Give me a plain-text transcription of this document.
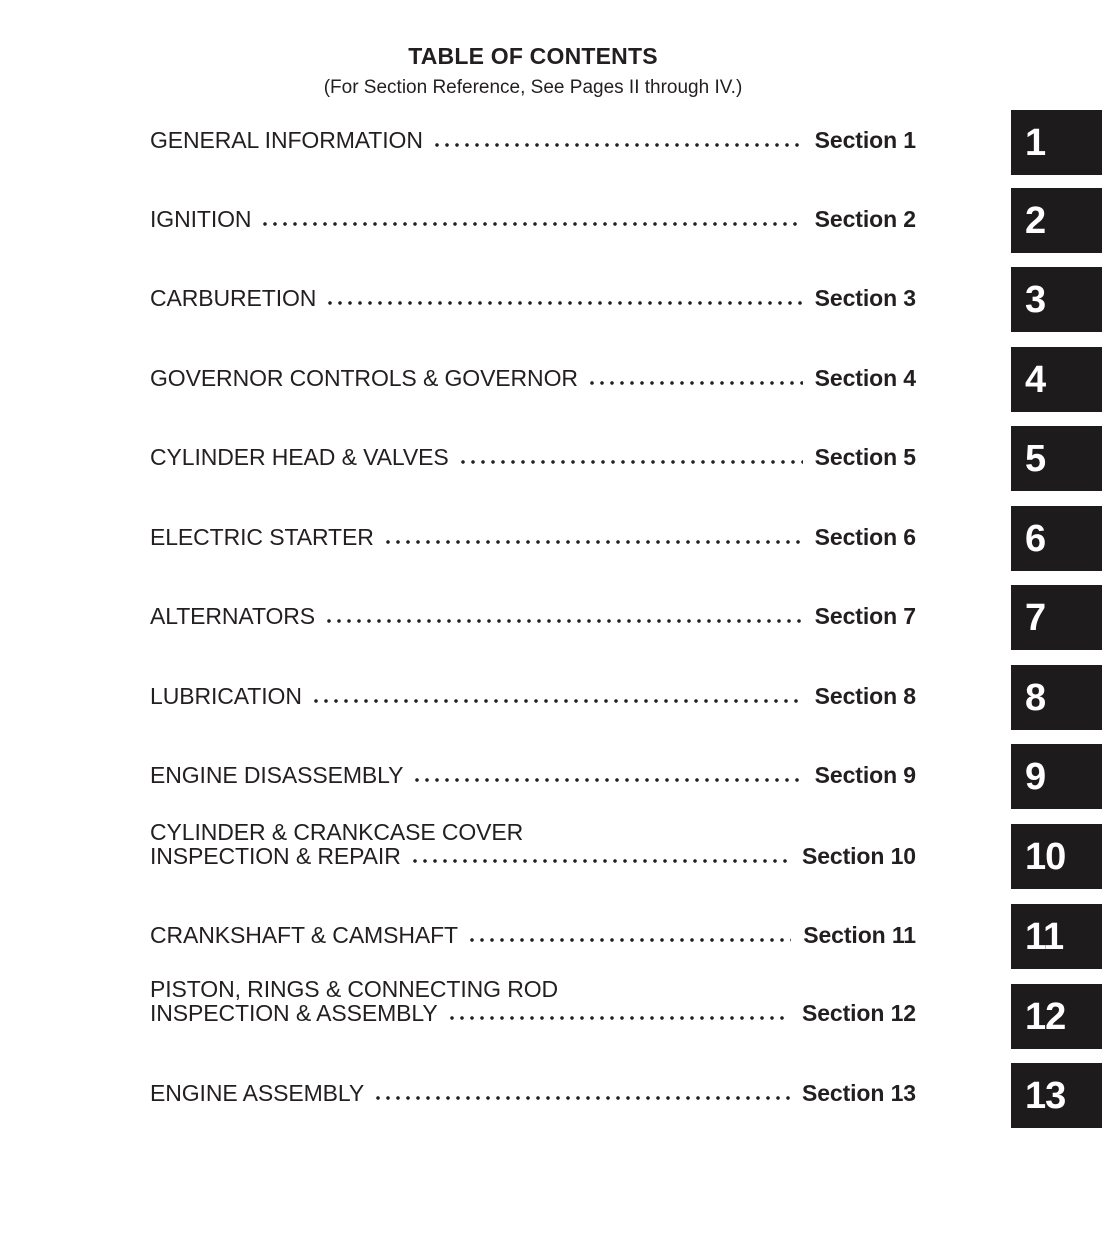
TABLE OF CONTENTS
(For Section Reference, See Pages II through IV.)
GENERAL INFORMATION	Section 1
IGNITION	Section 2
CARBURETION	Section 3
GOVERNOR CONTROLS & GOVERNOR	Section 4
CYLINDER HEAD & VALVES	Section 5
ELECTRIC STARTER	Section 6
ALTERNATORS	Section 7
LUBRICATION	Section 8
ENGINE DISASSEMBLY	Section 9
CYLINDER & CRANKCASE COVER
INSPECTION & REPAIR	Section 10
CRANKSHAFT & CAMSHAFT	Section 11
PISTON, RINGS & CONNECTING ROD
INSPECTION & ASSEMBLY	Section 12
ENGINE ASSEMBLY	Section 13
1
2
3
4
5
6
7
8
9
10
11
12
13
